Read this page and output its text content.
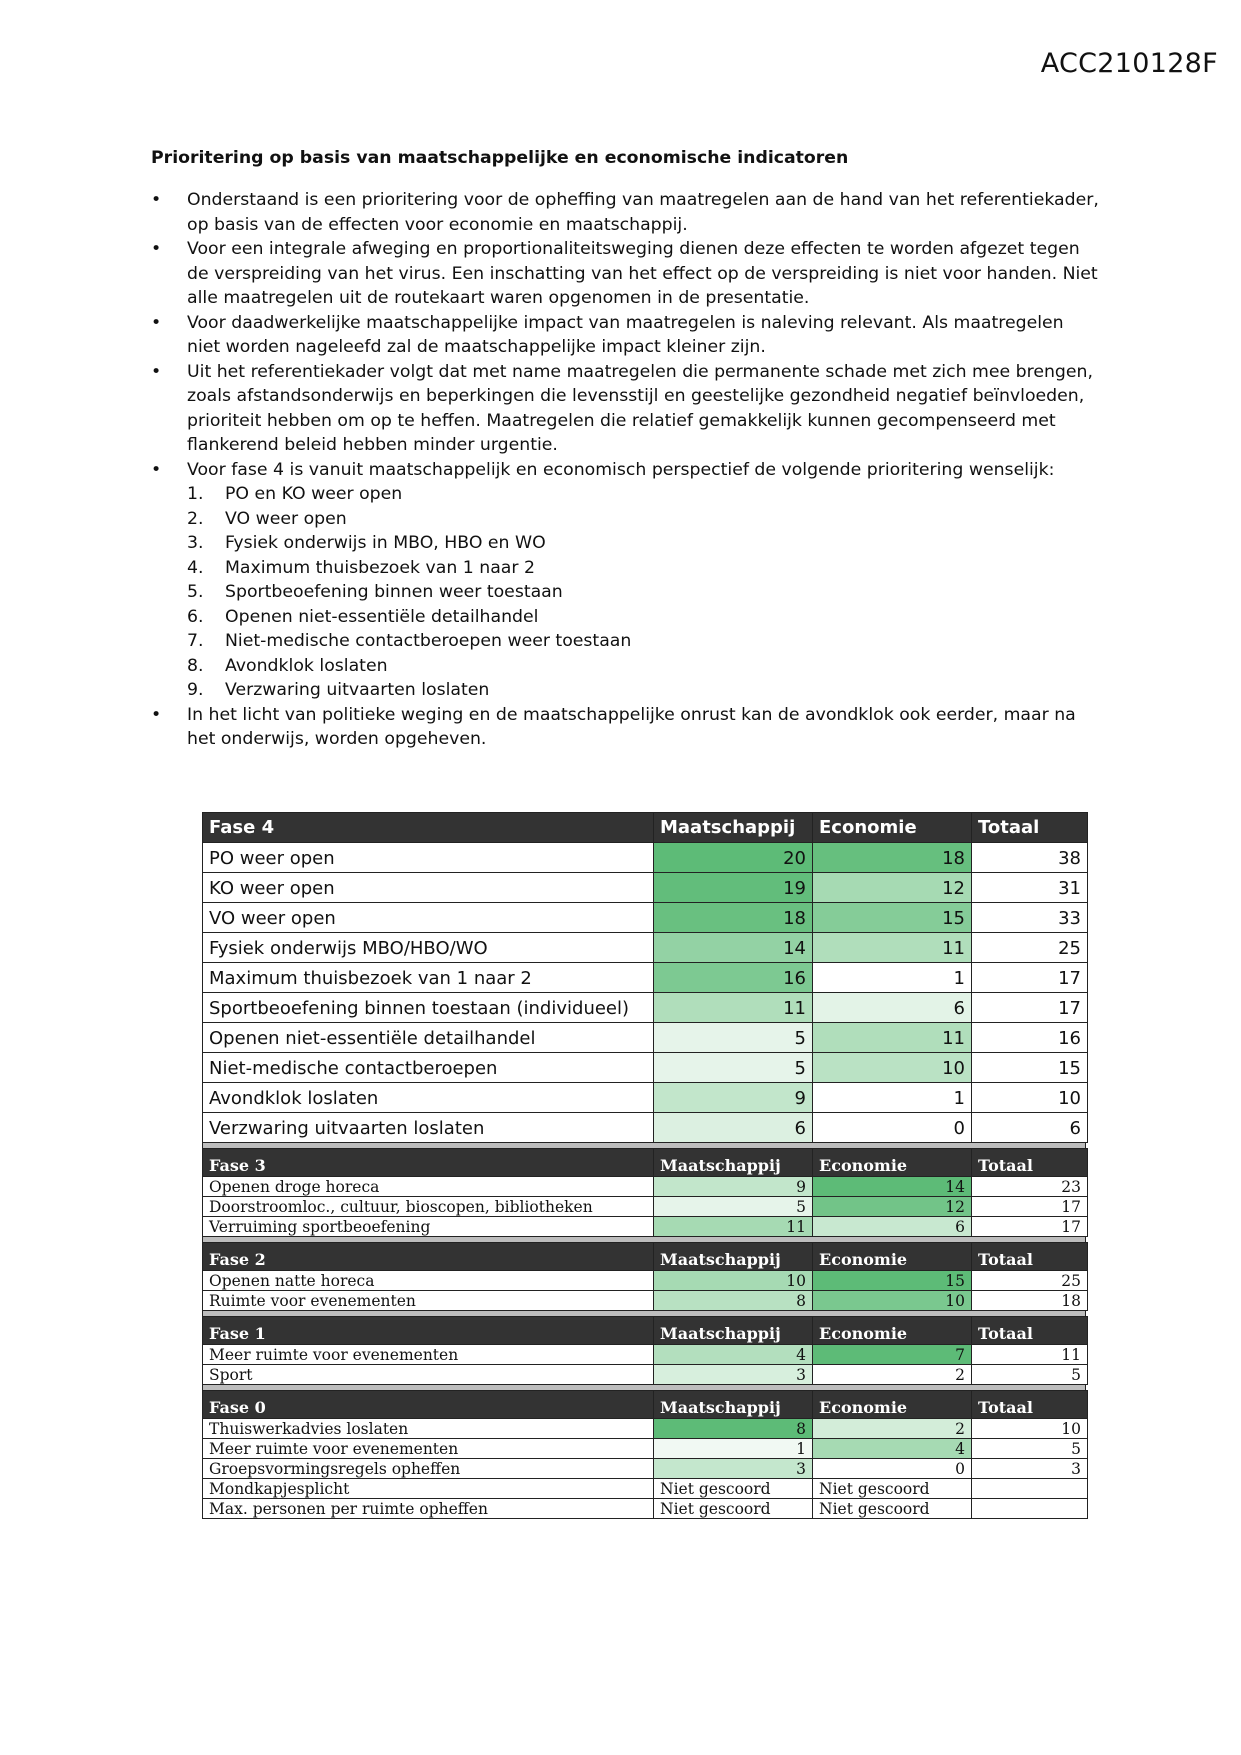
ACC210128F
Prioritering op basis van maatschappelijke en economische indicatoren
• Onderstaand is een prioritering voor de opheffing van maatregelen aan de hand van het referentiekader, op basis van de effecten voor economie en maatschappij.
• Voor een integrale afweging en proportionaliteitsweging dienen deze effecten te worden afgezet tegen de verspreiding van het virus. Een inschatting van het effect op de verspreiding is niet voor handen. Niet alle maatregelen uit de routekaart waren opgenomen in de presentatie.
• Voor daadwerkelijke maatschappelijke impact van maatregelen is naleving relevant. Als maatregelen niet worden nageleefd zal de maatschappelijke impact kleiner zijn.
• Uit het referentiekader volgt dat met name maatregelen die permanente schade met zich mee brengen, zoals afstandsonderwijs en beperkingen die levensstijl en geestelijke gezondheid negatief beïnvloeden, prioriteit hebben om op te heffen. Maatregelen die relatief gemakkelijk kunnen gecompenseerd met flankerend beleid hebben minder urgentie.
• Voor fase 4 is vanuit maatschappelijk en economisch perspectief de volgende prioritering wenselijk:
1. PO en KO weer open
2. VO weer open
3. Fysiek onderwijs in MBO, HBO en WO
4. Maximum thuisbezoek van 1 naar 2
5. Sportbeoefening binnen weer toestaan
6. Openen niet-essentiële detailhandel
7. Niet-medische contactberoepen weer toestaan
8. Avondklok loslaten
9. Verzwaring uitvaarten loslaten
• In het licht van politieke weging en de maatschappelijke onrust kan de avondklok ook eerder, maar na het onderwijs, worden opgeheven.
Fase 4	Maatschappij	Economie	Totaal
PO weer open	20	18	38
KO weer open	19	12	31
VO weer open	18	15	33
Fysiek onderwijs MBO/HBO/WO	14	11	25
Maximum thuisbezoek van 1 naar 2	16	1	17
Sportbeoefening binnen toestaan (individueel)	11	6	17
Openen niet-essentiële detailhandel	5	11	16
Niet-medische contactberoepen	5	10	15
Avondklok loslaten	9	1	10
Verzwaring uitvaarten loslaten	6	0	6
Fase 3	Maatschappij	Economie	Totaal
Openen droge horeca	9	14	23
Doorstroomloc., cultuur, bioscopen, bibliotheken	5	12	17
Verruiming sportbeoefening	11	6	17
Fase 2	Maatschappij	Economie	Totaal
Openen natte horeca	10	15	25
Ruimte voor evenementen	8	10	18
Fase 1	Maatschappij	Economie	Totaal
Meer ruimte voor evenementen	4	7	11
Sport	3	2	5
Fase 0	Maatschappij	Economie	Totaal
Thuiswerkadvies loslaten	8	2	10
Meer ruimte voor evenementen	1	4	5
Groepsvormingsregels opheffen	3	0	3
Mondkapjesplicht	Niet gescoord	Niet gescoord	
Max. personen per ruimte opheffen	Niet gescoord	Niet gescoord	
